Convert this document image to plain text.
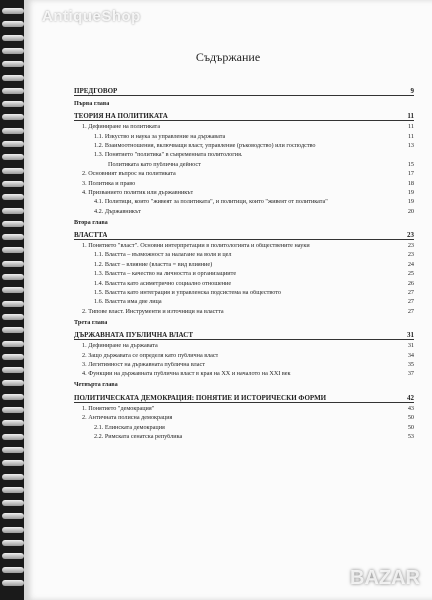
AntiqueShop
Съдържание
ПРЕДГОВОР	9
Първа глава
ТЕОРИЯ НА ПОЛИТИКАТА	11
1. Дефиниране на политиката	11
1.1. Изкуство и наука за управление на държавата	11
1.2. Взаимоотношения, включващи власт, управление (ръководство) или господство	13
1.3. Понятието "политика" в съвременната политология.
Политиката като публична дейност	15
2. Основният въпрос на политиката	17
3. Политика и право	18
4. Призванието политик или държавникът	19
4.1. Политици, които "живеят за политиката", и политици, които "живеят от политиката"	19
4.2. Държавникът	20
Втора глава
ВЛАСТТА	23
1. Понятието "власт". Основни интерпретации в политологията и обществените науки	23
1.1. Властта – възможност за налагане на воля и цел	23
1.2. Власт – влияние (властта = вид влияние)	24
1.3. Властта – качество на личността и организациите	25
1.4. Властта като асиметрично социално отношение	26
1.5. Властта като интеграция и управленска подсистема на обществото	27
1.6. Властта има две лица	27
2. Типове власт. Инструменти и източници на властта	27
Трета глава
ДЪРЖАВНАТА ПУБЛИЧНА ВЛАСТ	31
1. Дефиниране на държавата	31
2. Защо държавата се определя като публична власт	34
3. Легитимност на държавната публична власт	35
4. Функции на държавната публична власт в края на XX и началото на XXI век	37
Четвърта глава
ПОЛИТИЧЕСКАТА ДЕМОКРАЦИЯ: ПОНЯТИЕ И ИСТОРИЧЕСКИ ФОРМИ	42
1. Понятието "демокрация"	43
2. Античната полисна демокрация	50
2.1. Елинската демокрация	50
2.2. Римската сенатска република	53
BAZAR
